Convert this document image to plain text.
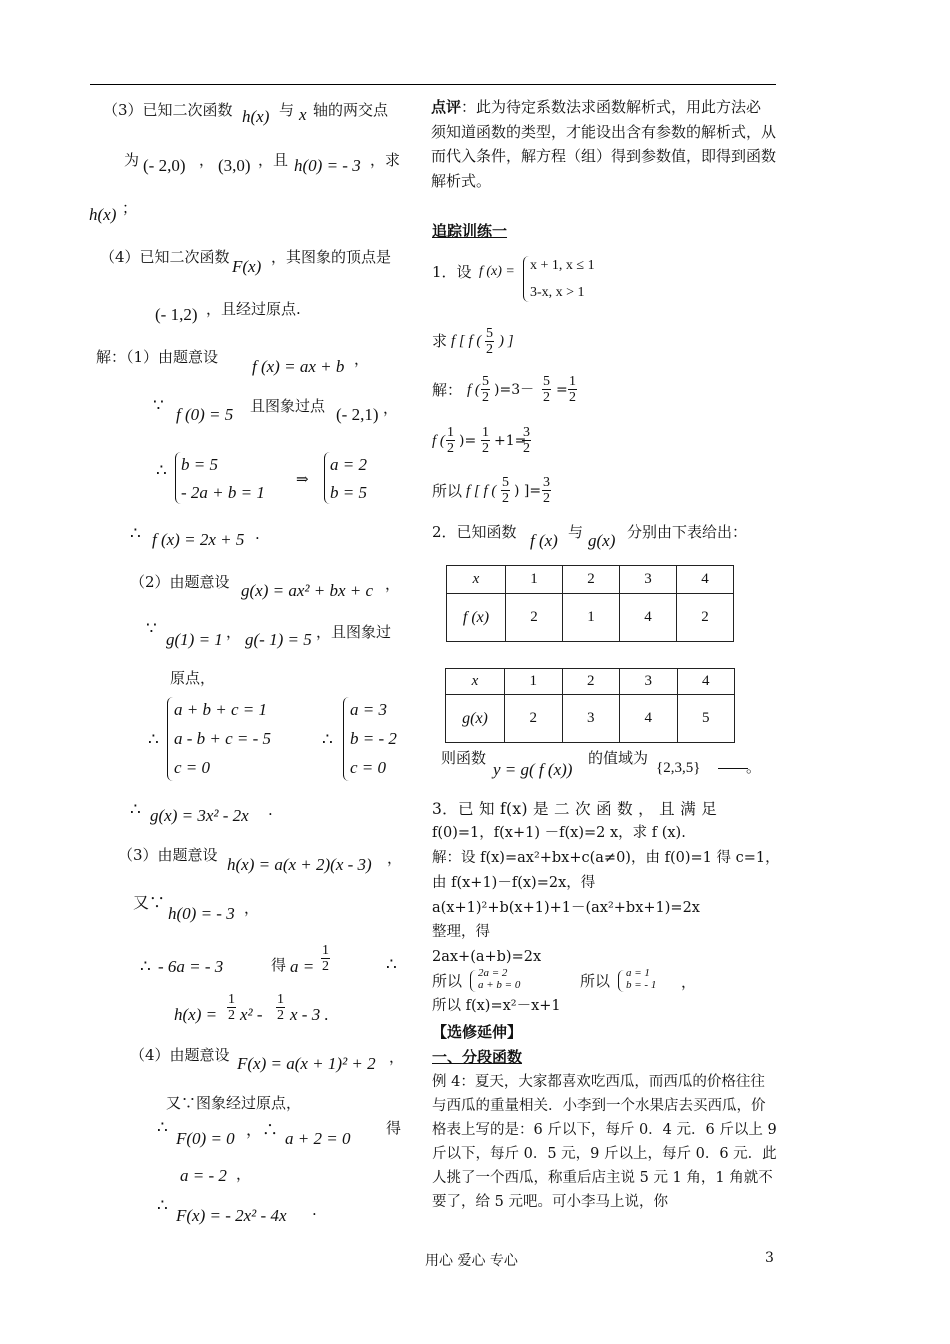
（3）已知二次函数 h(x) 与 x 轴的两交点
为 (- 2,0) ， (3,0) ，且 h(0) = - 3 ，求
h(x) ；
（4）已知二次函数 F(x) ，其图象的顶点是
(- 1,2) ，且经过原点.
解：（1）由题意设 f (x) = ax + b ，
∵ f (0) = 5 且图象过点 (- 2,1) ，
∴ b = 5
- 2a + b = 1
⇒
a = 2
b = 5
∴ f (x) = 2x + 5 .
（2）由题意设 g(x) = ax² + bx + c ，
∵
g(1) = 1 ， g(- 1) = 5 ，且图象过
原点，
∴
a + b + c = 1
a - b + c = - 5
c = 0
∴
a = 3
b = - 2
c = 0
∴ g(x) = 3x² - 2x .
（3）由题意设 h(x) = a(x + 2)(x - 3) ，
又∵
h(0) = - 3 ，
∴ - 6a = - 3	得 $a = \frac{1}{2}$	∴
$h(x) = \frac{1}{2} x^2 - \frac{1}{2}$ x - 3 .
（4）由题意设 F(x) = a(x + 1)² + 2 ，
又∵图象经过原点，
∴
F(0) = 0 ，∴ a + 2 = 0
得
a = - 2 ，
∴ F(x) = - 2x² - 4x .
点评：此为待定系数法求函数解析式，用此方法必须知道函数的类型，才能设出含有参数的解析式，从而代入条件，解方程（组）得到参数值，即得到函数解析式。
追踪训练一
1．设 f (x) = x + 1, x ≤ 1
3-x, x > 1
求 f [ f ( $\frac{5}{2}$ ) ]
解： f ( $\frac{5}{2} )=3- \frac{5}{2} = \frac{1}{2}$
f ( $\frac{1}{2}$ )= $\frac{1}{2} +1=$
$\frac{3}{2}$
所以 f [ f ( $\frac{5}{2}$ ) ]= $\frac{3}{2}$
2．已知函数 f (x) 与 g(x) 分别由下表给出：
x	1	2	3	4
f (x)	2	1	4	2
x	1	2	3	4
g(x)	2	3	4	5
则函数
y = g( f (x))
的值域为
{2,3,5}	。
3．已 知 f(x) 是 二 次 函 数 ， 且 满 足
f(0)=1，f(x+1) －f(x)=2 x，求 f (x).
解：设 f(x)=ax²+bx+c(a≠0)，由 f(0)=1 得 c=1，
由 f(x+1)－f(x)=2x，得
a(x+1)²+b(x+1)+1－(ax²+bx+1)=2x
整理，得
2ax+(a+b)=2x
所以 2a = 2
a + b = 0	所以 a = 1
b = - 1 ，
所以 f(x)=x²－x+1
【选修延伸】
一、分段函数
例 4：夏天，大家都喜欢吃西瓜，而西瓜的价格往往与西瓜的重量相关．小李到一个水果店去买西瓜，价格表上写的是：6 斤以下，每斤 0．4 元．6 斤以上 9 斤以下，每斤 0．5 元，9 斤以上，每斤 0．6 元．此人挑了一个西瓜，称重后店主说 5 元 1 角，1 角就不要了，给 5 元吧。可小李马上说，你
用心 爱心 专心	3
